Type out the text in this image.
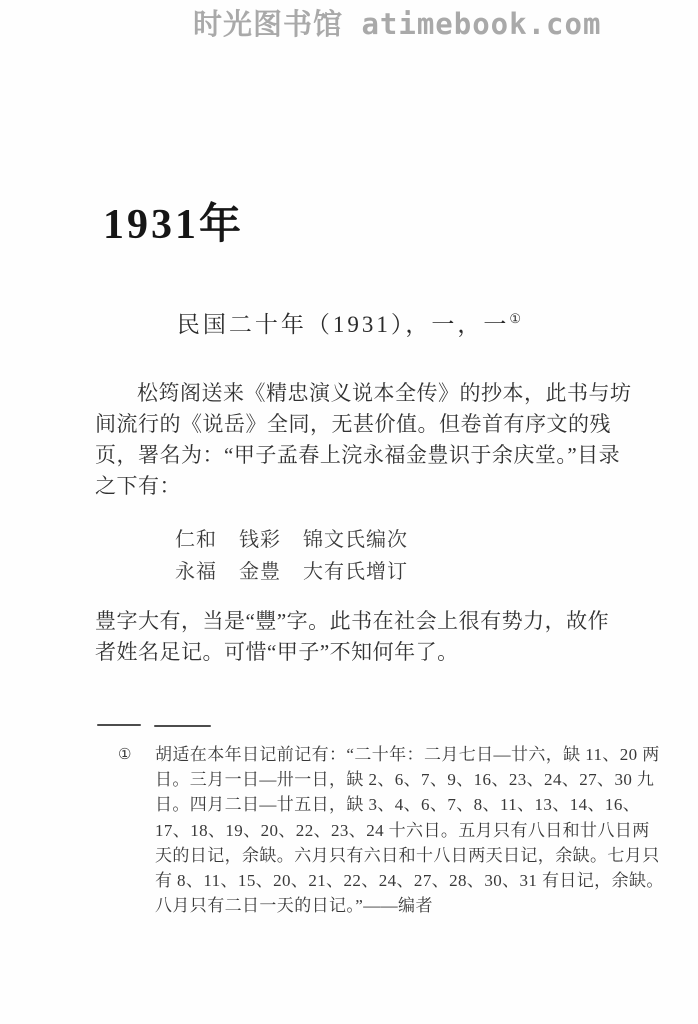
时光图书馆 atimebook.com
1931年
民国二十年（1931），一，一①
松筠阁送来《精忠演义说本全传》的抄本，此书与坊
间流行的《说岳》全同，无甚价值。但卷首有序文的残
页，署名为：“甲子孟春上浣永福金豊识于余庆堂。”目录
之下有：
仁和 钱彩 锦文氏编次
永福 金豊 大有氏增订
豊字大有，当是“豐”字。此书在社会上很有势力，故作
者姓名足记。可惜“甲子”不知何年了。
① 胡适在本年日记前记有：“二十年：二月七日—廿六，缺 11、20 两
日。三月一日—卅一日，缺 2、6、7、9、16、23、24、27、30 九
日。四月二日—廿五日，缺 3、4、6、7、8、11、13、14、16、
17、18、19、20、22、23、24 十六日。五月只有八日和廿八日两
天的日记，余缺。六月只有六日和十八日两天日记，余缺。七月只
有 8、11、15、20、21、22、24、27、28、30、31 有日记，余缺。
八月只有二日一天的日记。”——编者
